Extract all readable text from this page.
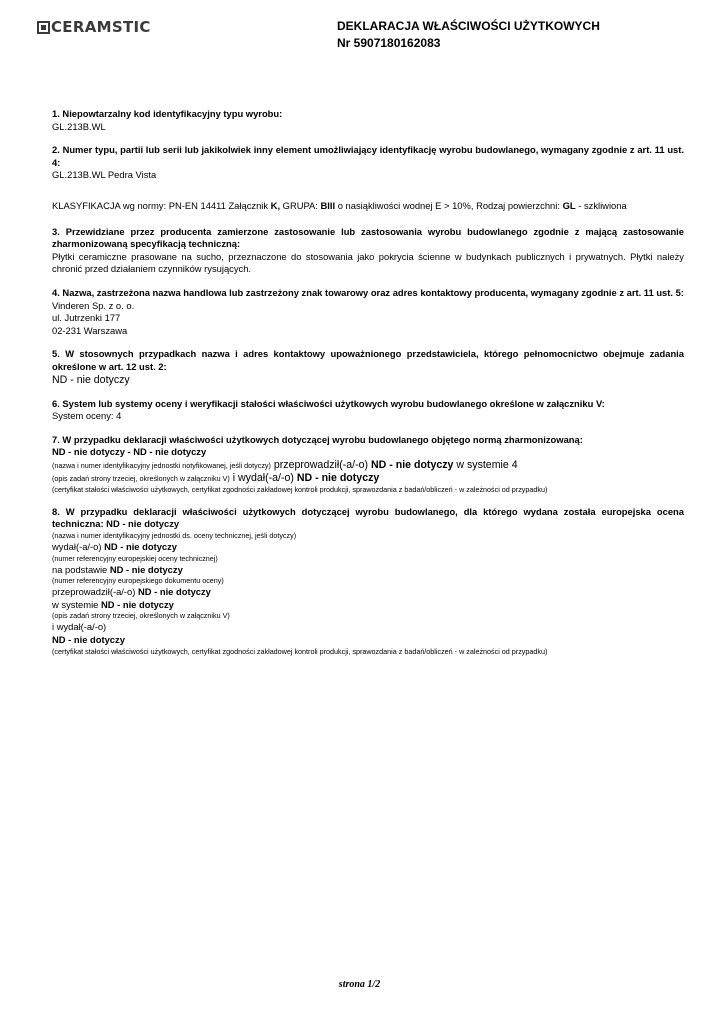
CERAMSTIC	DEKLARACJA WŁAŚCIWOŚCI UŻYTKOWYCH
Nr 5907180162083
1. Niepowtarzalny kod identyfikacyjny typu wyrobu:
GL.213B.WL
2. Numer typu, partii lub serii lub jakikolwiek inny element umożliwiający identyfikację wyrobu budowlanego, wymagany zgodnie z art. 11 ust. 4:
GL.213B.WL Pedra Vista
KLASYFIKACJA wg normy: PN-EN 14411 Załącznik K, GRUPA: BIII o nasiąkliwości wodnej E > 10%, Rodzaj powierzchni: GL - szkliwiona
3. Przewidziane przez producenta zamierzone zastosowanie lub zastosowania wyrobu budowlanego zgodnie z mającą zastosowanie zharmonizowaną specyfikacją techniczną:
Płytki ceramiczne prasowane na sucho, przeznaczone do stosowania jako pokrycia ścienne w budynkach publicznych i prywatnych. Płytki należy chronić przed działaniem czynników rysujących.
4. Nazwa, zastrzeżona nazwa handlowa lub zastrzeżony znak towarowy oraz adres kontaktowy producenta, wymagany zgodnie z art. 11 ust. 5:
Vinderen Sp. z o. o.
ul. Jutrzenki 177
02-231 Warszawa
5. W stosownych przypadkach nazwa i adres kontaktowy upoważnionego przedstawiciela, którego pełnomocnictwo obejmuje zadania określone w art. 12 ust. 2:
ND - nie dotyczy
6. System lub systemy oceny i weryfikacji stałości właściwości użytkowych wyrobu budowlanego określone w załączniku V:
System oceny: 4
7. W przypadku deklaracji właściwości użytkowych dotyczącej wyrobu budowlanego objętego normą zharmonizowaną:
ND - nie dotyczy - ND - nie dotyczy
(nazwa i numer identyfikacyjny jednostki notyfikowanej, jeśli dotyczy) przeprowadził(-a/-o) ND - nie dotyczy w systemie 4
(opis zadań strony trzeciej, określonych w załączniku V) i wydał(-a/-o) ND - nie dotyczy
(certyfikat stałości właściwości użytkowych, certyfikat zgodności zakładowej kontroli produkcji, sprawozdania z badań/obliczeń - w zależności od przypadku)
8. W przypadku deklaracji właściwości użytkowych dotyczącej wyrobu budowlanego, dla którego wydana została europejska ocena techniczna: ND - nie dotyczy
(nazwa i numer identyfikacyjny jednostki ds. oceny technicznej, jeśli dotyczy)
wydał(-a/-o) ND - nie dotyczy
(numer referencyjny europejskiej oceny technicznej)
na podstawie ND - nie dotyczy
(numer referencyjny europejskiego dokumentu oceny)
przeprowadził(-a/-o) ND - nie dotyczy
w systemie ND - nie dotyczy
(opis zadań strony trzeciej, określonych w załączniku V)
i wydał(-a/-o)
ND - nie dotyczy
(certyfikat stałości właściwości użytkowych, certyfikat zgodności zakładowej kontroli produkcji, sprawozdania z badań/obliczeń - w zależności od przypadku)
strona 1/2
